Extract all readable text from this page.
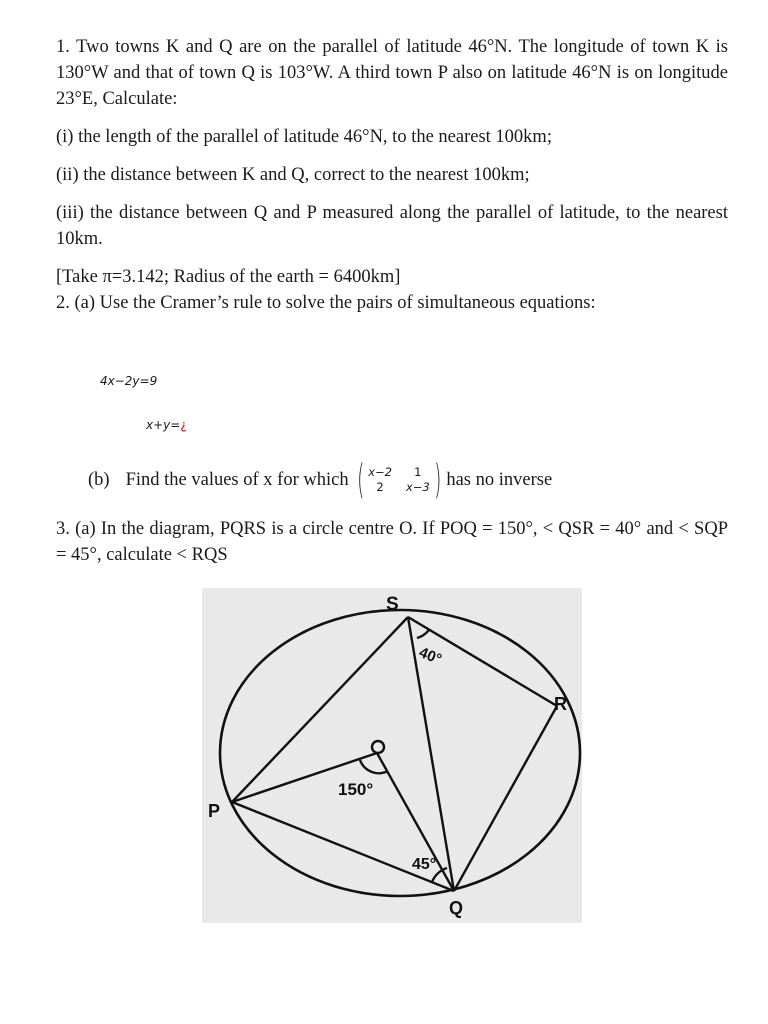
1. Two towns K and Q are on the parallel of latitude 46°N. The longitude of town K is 130°W and that of town Q is 103°W. A third town P also on latitude 46°N is on longitude 23°E, Calculate:

(i) the length of the parallel of latitude 46°N, to the nearest 100km;

(ii) the distance between K and Q, correct to the nearest 100km;

(iii) the distance between Q and P measured along the parallel of latitude, to the nearest 10km.

[Take π=3.142; Radius of the earth = 6400km]

2. (a) Use the Cramer’s rule to solve the pairs of simultaneous equations:

4x−2y=9
x+y=¿
(b) Find the values of x for which ( x−2	1
2	x−3 ) has no inverse

3. (a) In the diagram, PQRS is a circle centre O. If POQ = 150°, < QSR = 40° and < SQP = 45°, calculate < RQS

S
R
P
Q
40°
150°
45°
